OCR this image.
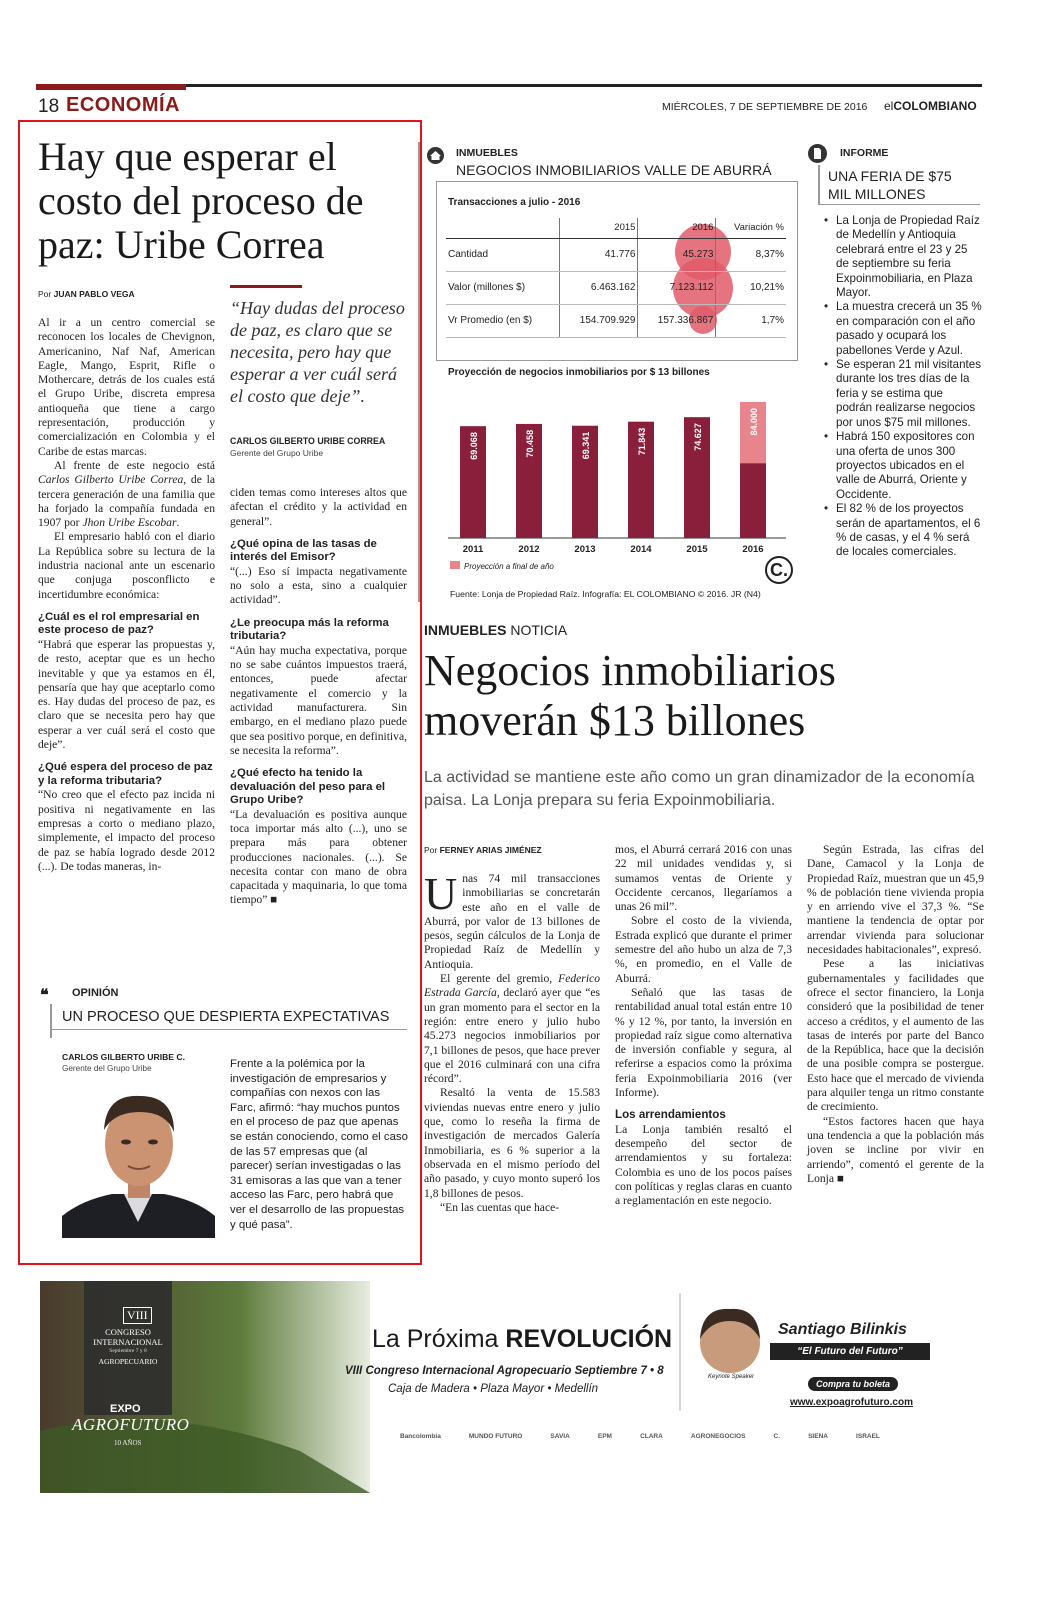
18 ECONOMÍA	MIÉRCOLES, 7 DE SEPTIEMBRE DE 2016 elCOLOMBIANO
Hay que esperar el costo del proceso de paz: Uribe Correa
Por JUAN PABLO VEGA

Al ir a un centro comercial se reconocen los locales de Chevignon, Americanino, Naf Naf, American Eagle, Mango, Esprit, Rifle o Mothercare, detrás de los cuales está el Grupo Uribe, discreta empresa antioqueña que tiene a cargo representación, producción y comercialización en Colombia y el Caribe de estas marcas.

Al frente de este negocio está Carlos Gilberto Uribe Correa, de la tercera generación de una familia que ha forjado la compañía fundada en 1907 por Jhon Uribe Escobar.

El empresario habló con el diario La República sobre su lectura de la industria nacional ante un escenario que conjuga posconflicto e incertidumbre económica:

¿Cuál es el rol empresarial en este proceso de paz?

“Habrá que esperar las propuestas y, de resto, aceptar que es un hecho inevitable y que ya estamos en él, pensaría que hay que aceptarlo como es. Hay dudas del proceso de paz, es claro que se necesita pero hay que esperar a ver cuál será el costo que deje”.

¿Qué espera del proceso de paz y la reforma tributaria?

“No creo que el efecto paz incida ni positiva ni negativamente en las empresas a corto o mediano plazo, simplemente, el impacto del proceso de paz se había logrado desde 2012 (...). De todas maneras, in-

“Hay dudas del proceso de paz, es claro que se necesita, pero hay que esperar a ver cuál será el costo que deje”.
CARLOS GILBERTO URIBE CORREA
Gerente del Grupo Uribe

ciden temas como intereses altos que afectan el crédito y la actividad en general”.

¿Qué opina de las tasas de interés del Emisor?

“(...) Eso sí impacta negativamente no solo a esta, sino a cualquier actividad”.

¿Le preocupa más la reforma tributaria?

“Aún hay mucha expectativa, porque no se sabe cuántos impuestos traerá, entonces, puede afectar negativamente el comercio y la actividad manufacturera. Sin embargo, en el mediano plazo puede que sea positivo porque, en definitiva, se necesita la reforma”.

¿Qué efecto ha tenido la devaluación del peso para el Grupo Uribe?

“La devaluación es positiva aunque toca importar más alto (...), uno se prepara más para obtener producciones nacionales. (...). Se necesita contar con mano de obra capacitada y maquinaria, lo que toma tiempo” ■

❝ OPINIÓN
UN PROCESO QUE DESPIERTA EXPECTATIVAS
CARLOS GILBERTO URIBE C.
Gerente del Grupo Uribe	Frente a la polémica por la investigación de empresarios y compañías con nexos con las Farc, afirmó: “hay muchos puntos en el proceso de paz que apenas se están conociendo, como el caso de las 57 empresas que (al parecer) serían investigadas o las 31 emisoras a las que van a tener acceso las Farc, pero habrá que ver el desarrollo de las propuestas y qué pasa”.
INMUEBLES
NEGOCIOS INMOBILIARIOS VALLE DE ABURRÁ
Transacciones a julio - 2016
	2015	2016	Variación %
Cantidad	41.776	45.273	8,37%
Valor (millones $)	6.463.162	7.123.112	10,21%
Vr Promedio (en $)	154.709.929	157.336.867	1,7%
Proyección de negocios inmobiliarios por $ 13 billones
69.068
2011
70.458
2012
69.341
2013
71.843
2014
74.627
2015
84.000
2016
Proyección a final de año
Fuente: Lonja de Propiedad Raíz. Infografía: EL COLOMBIANO © 2016. JR (N4)
C.
INFORME
UNA FERIA DE $75 MIL MILLONES
• La Lonja de Propiedad Raíz de Medellín y Antioquia celebrará entre el 23 y 25 de septiembre su feria Expoinmobiliaria, en Plaza Mayor.
• La muestra crecerá un 35 % en comparación con el año pasado y ocupará los pabellones Verde y Azul.
• Se esperan 21 mil visitantes durante los tres días de la feria y se estima que podrán realizarse negocios por unos $75 mil millones.
• Habrá 150 expositores con una oferta de unos 300 proyectos ubicados en el valle de Aburrá, Oriente y Occidente.
• El 82 % de los proyectos serán de apartamentos, el 6 % de casas, y el 4 % será de locales comerciales.
INMUEBLES NOTICIA
Negocios inmobiliarios moverán $13 billones
La actividad se mantiene este año como un gran dinamizador de la economía paisa. La Lonja prepara su feria Expoinmobiliaria.
Por FERNEY ARIAS JIMÉNEZ

Unas 74 mil transacciones inmobiliarias se concretarán este año en el valle de Aburrá, por valor de 13 billones de pesos, según cálculos de la Lonja de Propiedad Raíz de Medellín y Antioquia.

El gerente del gremio, Federico Estrada García, declaró ayer que “es un gran momento para el sector en la región: entre enero y julio hubo 45.273 negocios inmobiliarios por 7,1 billones de pesos, que hace prever que el 2016 culminará con una cifra récord”.

Resaltó la venta de 15.583 viviendas nuevas entre enero y julio que, como lo reseña la firma de investigación de mercados Galería Inmobiliaria, es 6 % superior a la observada en el mismo período del año pasado, y cuyo monto superó los 1,8 billones de pesos.

“En las cuentas que hace-

mos, el Aburrá cerrará 2016 con unas 22 mil unidades vendidas y, si sumamos ventas de Oriente y Occidente cercanos, llegaríamos a unas 26 mil”.

Sobre el costo de la vivienda, Estrada explicó que durante el primer semestre del año hubo un alza de 7,3 %, en promedio, en el Valle de Aburrá.

Señaló que las tasas de rentabilidad anual total están entre 10 % y 12 %, por tanto, la inversión en propiedad raíz sigue como alternativa de inversión confiable y segura, al referirse a espacios como la próxima feria Expoinmobiliaria 2016 (ver Informe).

Los arrendamientos

La Lonja también resaltó el desempeño del sector de arrendamientos y su fortaleza: Colombia es uno de los pocos países con políticas y reglas claras en cuanto a reglamentación en este negocio.

Según Estrada, las cifras del Dane, Camacol y la Lonja de Propiedad Raíz, muestran que un 45,9 % de población tiene vivienda propia y en arriendo vive el 37,3 %. “Se mantiene la tendencia de optar por arrendar vivienda para solucionar necesidades habitacionales”, expresó.

Pese a las iniciativas gubernamentales y facilidades que ofrece el sector financiero, la Lonja consideró que la posibilidad de tener acceso a créditos, y el aumento de las tasas de interés por parte del Banco de la República, hace que la decisión de una posible compra se postergue. Esto hace que el mercado de vivienda para alquiler tenga un ritmo constante de crecimiento.

“Estos factores hacen que haya una tendencia a que la población más joven se incline por vivir en arriendo”, comentó el gerente de la Lonja ■

VIII
CONGRESO
INTERNACIONAL
Septiembre 7 y 8
AGROPECUARIO
EXPO
AGROFUTURO
10 AÑOS
La Próxima REVOLUCIÓN
VIII Congreso Internacional Agropecuario Septiembre 7 • 8
Caja de Madera • Plaza Mayor • Medellín
Keynote Speaker
Santiago Bilinkis
“El Futuro del Futuro”
Compra tu boleta
www.expoagrofuturo.com
Bancolombia	MUNDO FUTURO	SAVIA	EPM	CLARA	AGRONEGOCIOS	C.	SIENA	ISRAEL
